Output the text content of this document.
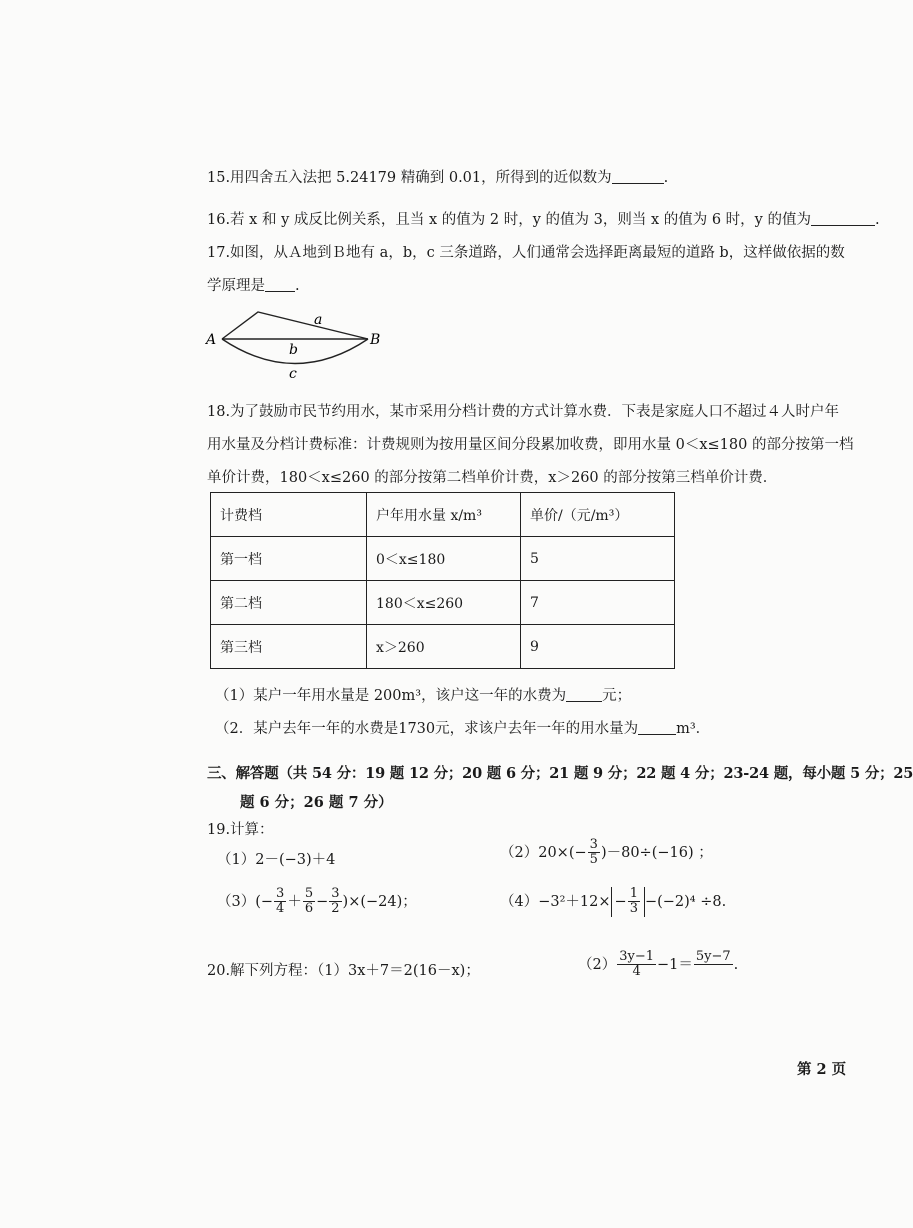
15.用四舍五入法把 5.24179 精确到 0.01，所得到的近似数为	.
16.若 x 和 y 成反比例关系，且当 x 的值为 2 时，y 的值为 3，则当 x 的值为 6 时，y 的值为	.
17.如图，从Ａ地到Ｂ地有 a，b，c 三条道路，人们通常会选择距离最短的道路 b，这样做依据的数
学原理是 .
A	B
a
b
c
18.为了鼓励市民节约用水，某市采用分档计费的方式计算水费．下表是家庭人口不超过４人时户年
用水量及分档计费标准：计费规则为按用量区间分段累加收费，即用水量 0＜x≤180 的部分按第一档
单价计费，180＜x≤260 的部分按第二档单价计费，x＞260 的部分按第三档单价计费．
计费档	户年用水量 x/m³	单价/（元/m³）
第一档	0＜x≤180	5
第二档	180＜x≤260	7
第三档	x＞260	9
（1）某户一年用水量是 200m³，该户这一年的水费为 元；
（2．某户去年一年的水费是1730元，求该户去年一年的用水量为	m³．
三、解答题（共 54 分：19 题 12 分；20 题 6 分；21 题 9 分；22 题 4 分；23-24 题，每小题 5 分；25
题 6 分；26 题 7 分）
19.计算：
（1）2－(−3)＋4	$(2)20\times(- \frac{3}{5} )-80\div(-16)$ ；
$(3)(- \frac{3}{4} + \frac{5}{6} - \frac{3}{2} )\times(-24)$；	$(4)-3^2+12\times - \frac{1}{3} -(-2)^4 \div 8$.
20.解下列方程：（1）3x＋7＝2(16－x)；	$(2) \frac{3y-1}{4} -1=$
5y−7

.
第 2 页
